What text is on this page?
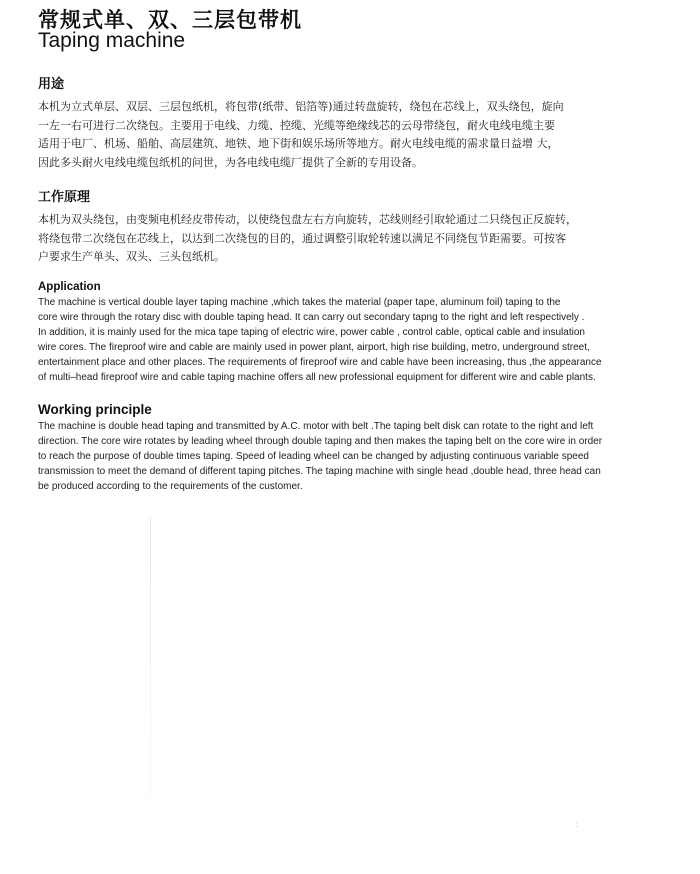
常规式单、双、三层包带机
Taping machine
用途
本机为立式单层、双层、三层包纸机，将包带(纸带、铝箔等)通过转盘旋转，绕包在芯线上，双头绕包，旋向
一左一右可进行二次绕包。主要用于电线、力缆、控缆、光缆等绝缘线芯的云母带绕包，耐火电线电缆主要
适用于电厂、机场、船舶、高层建筑、地铁、地下街和娱乐场所等地方。耐火电线电缆的需求量日益增 大，
因此多头耐火电线电缆包纸机的问世，为各电线电缆厂提供了全新的专用设备。
工作原理
本机为双头绕包，由变频电机经皮带传动，以使绕包盘左右方向旋转，芯线则经引取轮通过二只绕包正反旋转，
将绕包带二次绕包在芯线上，以达到二次绕包的目的，通过调整引取轮转速以满足不同绕包节距需要。可按客
户要求生产单头、双头、三头包纸机。
Application
The machine is vertical double layer taping machine ,which takes the material (paper tape, aluminum foil) taping to the
core wire through the rotary disc with double taping head. It can carry out secondary tapng to the right and left respectively .
In addition, it is mainly used for the mica tape taping of electric wire, power cable , control cable, optical cable and insulation
wire cores. The fireproof wire and cable are mainly used in power plant, airport, high rise building, metro, underground street,
entertainment place and other places. The requirements of fireproof wire and cable have been increasing, thus ,the appearance
of multi–head fireproof wire and cable taping machine offers all new professional equipment for different wire and cable plants.
Working principle
The machine is double head taping and transmitted by A.C. motor with belt .The taping belt disk can rotate to the right and left
direction. The core wire rotates by leading wheel through double taping and then makes the taping belt on the core wire in order
to reach the purpose of double times taping. Speed of leading wheel can be changed by adjusting continuous variable speed
transmission to meet the demand of different taping pitches. The taping machine with single head ,double head, three head can
be produced according to the requirements of the customer.
·:
